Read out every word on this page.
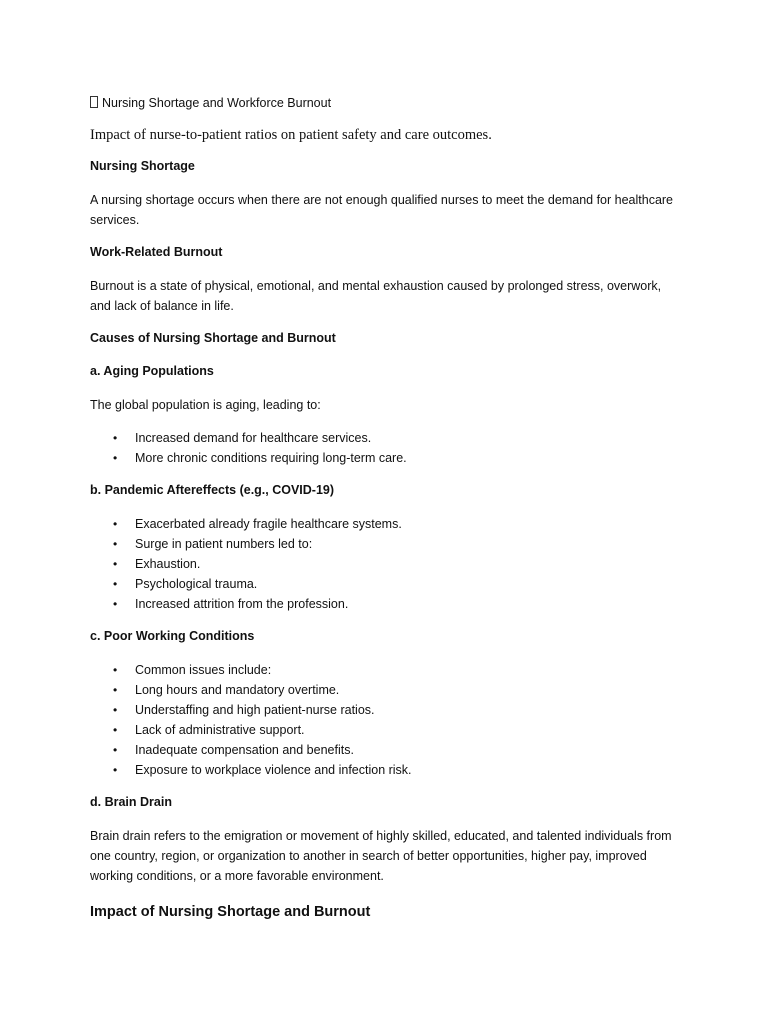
Nursing Shortage and Workforce Burnout
Impact of nurse-to-patient ratios on patient safety and care outcomes.
Nursing Shortage
A nursing shortage occurs when there are not enough qualified nurses to meet the demand for healthcare services.
Work-Related Burnout
Burnout is a state of physical, emotional, and mental exhaustion caused by prolonged stress, overwork, and lack of balance in life.
Causes of Nursing Shortage and Burnout
a. Aging Populations
The global population is aging, leading to:
• Increased demand for healthcare services.
• More chronic conditions requiring long-term care.
b. Pandemic Aftereffects (e.g., COVID-19)
• Exacerbated already fragile healthcare systems.
• Surge in patient numbers led to:
• Exhaustion.
• Psychological trauma.
• Increased attrition from the profession.
c. Poor Working Conditions
• Common issues include:
• Long hours and mandatory overtime.
• Understaffing and high patient-nurse ratios.
• Lack of administrative support.
• Inadequate compensation and benefits.
• Exposure to workplace violence and infection risk.
d. Brain Drain
Brain drain refers to the emigration or movement of highly skilled, educated, and talented individuals from one country, region, or organization to another in search of better opportunities, higher pay, improved working conditions, or a more favorable environment.
Impact of Nursing Shortage and Burnout
